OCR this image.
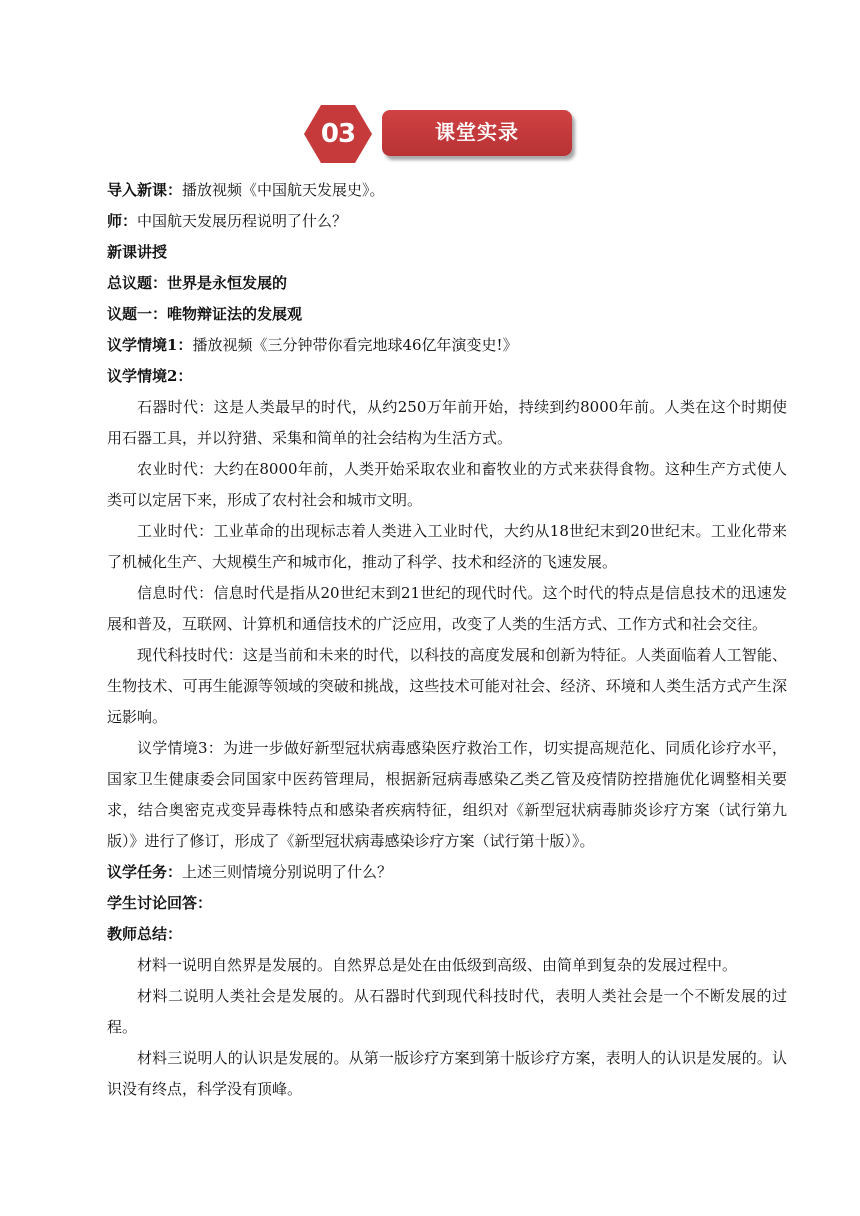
03	课堂实录
导入新课：播放视频《中国航天发展史》。
师：中国航天发展历程说明了什么？
新课讲授
总议题：世界是永恒发展的
议题一：唯物辩证法的发展观
议学情境1：播放视频《三分钟带你看完地球46亿年演变史!》
议学情境2：
石器时代：这是人类最早的时代，从约250万年前开始，持续到约8000年前。人类在这个时期使用石器工具，并以狩猎、采集和简单的社会结构为生活方式。
农业时代：大约在8000年前，人类开始采取农业和畜牧业的方式来获得食物。这种生产方式使人类可以定居下来，形成了农村社会和城市文明。
工业时代：工业革命的出现标志着人类进入工业时代，大约从18世纪末到20世纪末。工业化带来了机械化生产、大规模生产和城市化，推动了科学、技术和经济的飞速发展。
信息时代：信息时代是指从20世纪末到21世纪的现代时代。这个时代的特点是信息技术的迅速发展和普及，互联网、计算机和通信技术的广泛应用，改变了人类的生活方式、工作方式和社会交往。
现代科技时代：这是当前和未来的时代，以科技的高度发展和创新为特征。人类面临着人工智能、生物技术、可再生能源等领域的突破和挑战，这些技术可能对社会、经济、环境和人类生活方式产生深远影响。
议学情境3：为进一步做好新型冠状病毒感染医疗救治工作，切实提高规范化、同质化诊疗水平，国家卫生健康委会同国家中医药管理局，根据新冠病毒感染乙类乙管及疫情防控措施优化调整相关要求，结合奥密克戎变异毒株特点和感染者疾病特征，组织对《新型冠状病毒肺炎诊疗方案（试行第九版）》进行了修订，形成了《新型冠状病毒感染诊疗方案（试行第十版）》。
议学任务：上述三则情境分别说明了什么？
学生讨论回答：
教师总结：
材料一说明自然界是发展的。自然界总是处在由低级到高级、由简单到复杂的发展过程中。
材料二说明人类社会是发展的。从石器时代到现代科技时代，表明人类社会是一个不断发展的过程。
材料三说明人的认识是发展的。从第一版诊疗方案到第十版诊疗方案，表明人的认识是发展的。认识没有终点，科学没有顶峰。
